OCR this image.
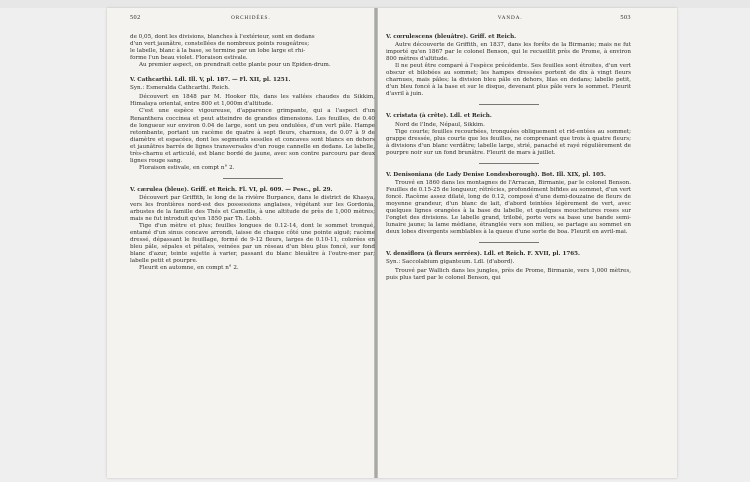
502	ORCHIDÉES.

de 0,05, dont les divisions, blanches à l'extérieur, sont en dedans

d'un vert jaunâtre, constellées de nombreux points rougeâtres;

le labelle, blanc à la base, se termine par un lobe large et rhi-

forme l'un beau violet. Floraison estivale.

Au premier aspect, on prendrait cette plante pour un Epiden-drum.

V. Cathcarthi. Ldl. Ill. V, pl. 187. — Fl. XII, pl. 1251.
Syn.: Esmeralda Cathcarthi. Reich.

Découvert en 1848 par M. Hooker fils, dans les vallées chaudes du Sikkim, Himalaya oriental, entre 800 et 1,000m d'altitude.

C'est une espèce vigoureuse, d'apparence grimpante, qui a l'aspect d'un Renanthera coccinea et peut atteindre de grandes dimensions. Les feuilles, de 0.40 de longueur sur environ 0.04 de large, sont un peu ondulées, d'un vert pâle. Hampe retombante, portant un racème de quatre à sept fleurs, charnues, de 0.07 à 9 de diamètre et espacées, dont les segments sessiles et concaves sont blancs en dehors et jaunâtres barrés de lignes transversales d'un rouge cannelle en dedans. Le labelle, très-charnu et articulé, est blanc bordé de jaune, avec son contre parcouru par deux lignes rouge sang.

Floraison estivale, en compt n° 2.

V. cærulea (bleue). Griff. et Reich. Fl. VI, pl. 609. — Pesc., pl. 29.

Découvert par Griffith, le long de la rivière Burpance, dans le district de Khasya, vers les frontières nord-est des possessions anglaises, végétant sur les Gordonia, arbustes de la famille des Thés et Camellis, à une altitude de près de 1,000 mètres; mais ne fut introduit qu'en 1850 par Th. Lobb.

Tige d'un mètre et plus; feuilles longues de 0.12-14, dont le sommet tronqué, entamé d'un sinus concave arrondi, laisse de chaque côté une pointe aiguë; racème dressé, dépassant le feuillage, formé de 9-12 fleurs, larges de 0.10-11, colorées en bleu pâle, sépales et pétales, veinées par un réseau d'un bleu plus foncé, sur fond blanc d'azur, teinte sujette à varier, passant du blanc bleuâtre à l'outre-mer par; labelle petit et pourpre.

Fleurit en automne, en compt n° 2.

VANDA.	503
V. cœrulescens (bleuâtre). Griff. et Reich.

Autre découverte de Griffith, en 1837, dans les forêts de la Birmanie; mais ne fut importé qu'en 1867 par le colonel Benson, qui le recueillit près de Prome, à environ 800 mètres d'altitude.

Il ne peut être comparé à l'espèce précédente. Ses feuilles sont étroites, d'un vert obscur et bilobées au sommet; les hampes dressées portent de dix à vingt fleurs charnues, mais pâles; la division bleu pâle en dehors, lilas en dedans; labelle petit, d'un bleu foncé à la base et sur le disque, devenant plus pâle vers le sommet. Fleurit d'avril à juin.

V. cristata (à crête). Ldl. et Reich.

Nord de l'Inde, Népaul, Sikkim.

Tige courte; feuilles recourbées, tronquées obliquement et rid-entées au sommet; grappe dressée, plus courte que les feuilles, ne comprenant que trois à quatre fleurs; à divisions d'un blanc verdâtre; labelle large, strié, panaché et rayé régulièrement de pourpre noir sur un fond brunâtre. Fleurit de mars à juillet.

V. Denisoniana (de Lady Denise Londesborough). Bot. Ill. XIX, pl. 105.

Trouvé en 1860 dans les montagnes de l'Arracan, Birmanie, par le colonel Benson. Feuilles de 0.15-25 de longueur, rétrécies, profondément bifides au sommet, d'un vert foncé. Racème assez dilaté, long de 0.12, composé d'une demi-douzaine de fleurs de moyenne grandeur, d'un blanc de lait, d'abord teintées légèrement de vert, avec quelques lignes orangées à la base du labelle, et quelques mouchetures roses sur l'onglet des divisions. Le labelle grand, trilobé, porte vers sa base une bande semi-lunaire jaune; la lame médiane, étranglée vers son milieu, se partage au sommet en deux lobes divergents semblables à la queue d'une sorte de boa. Fleurit en avril-mai.

V. densiflora (à fleurs serrées). Ldl. et Reich. F. XVII, pl. 1765.
Syn.: Saccolabium giganteum. Ldl. (d'abord).

Trouvé par Wallich dans les jungles, près de Prome, Birmanie, vers 1,000 mètres, puis plus tard par le colonel Benson, qui
